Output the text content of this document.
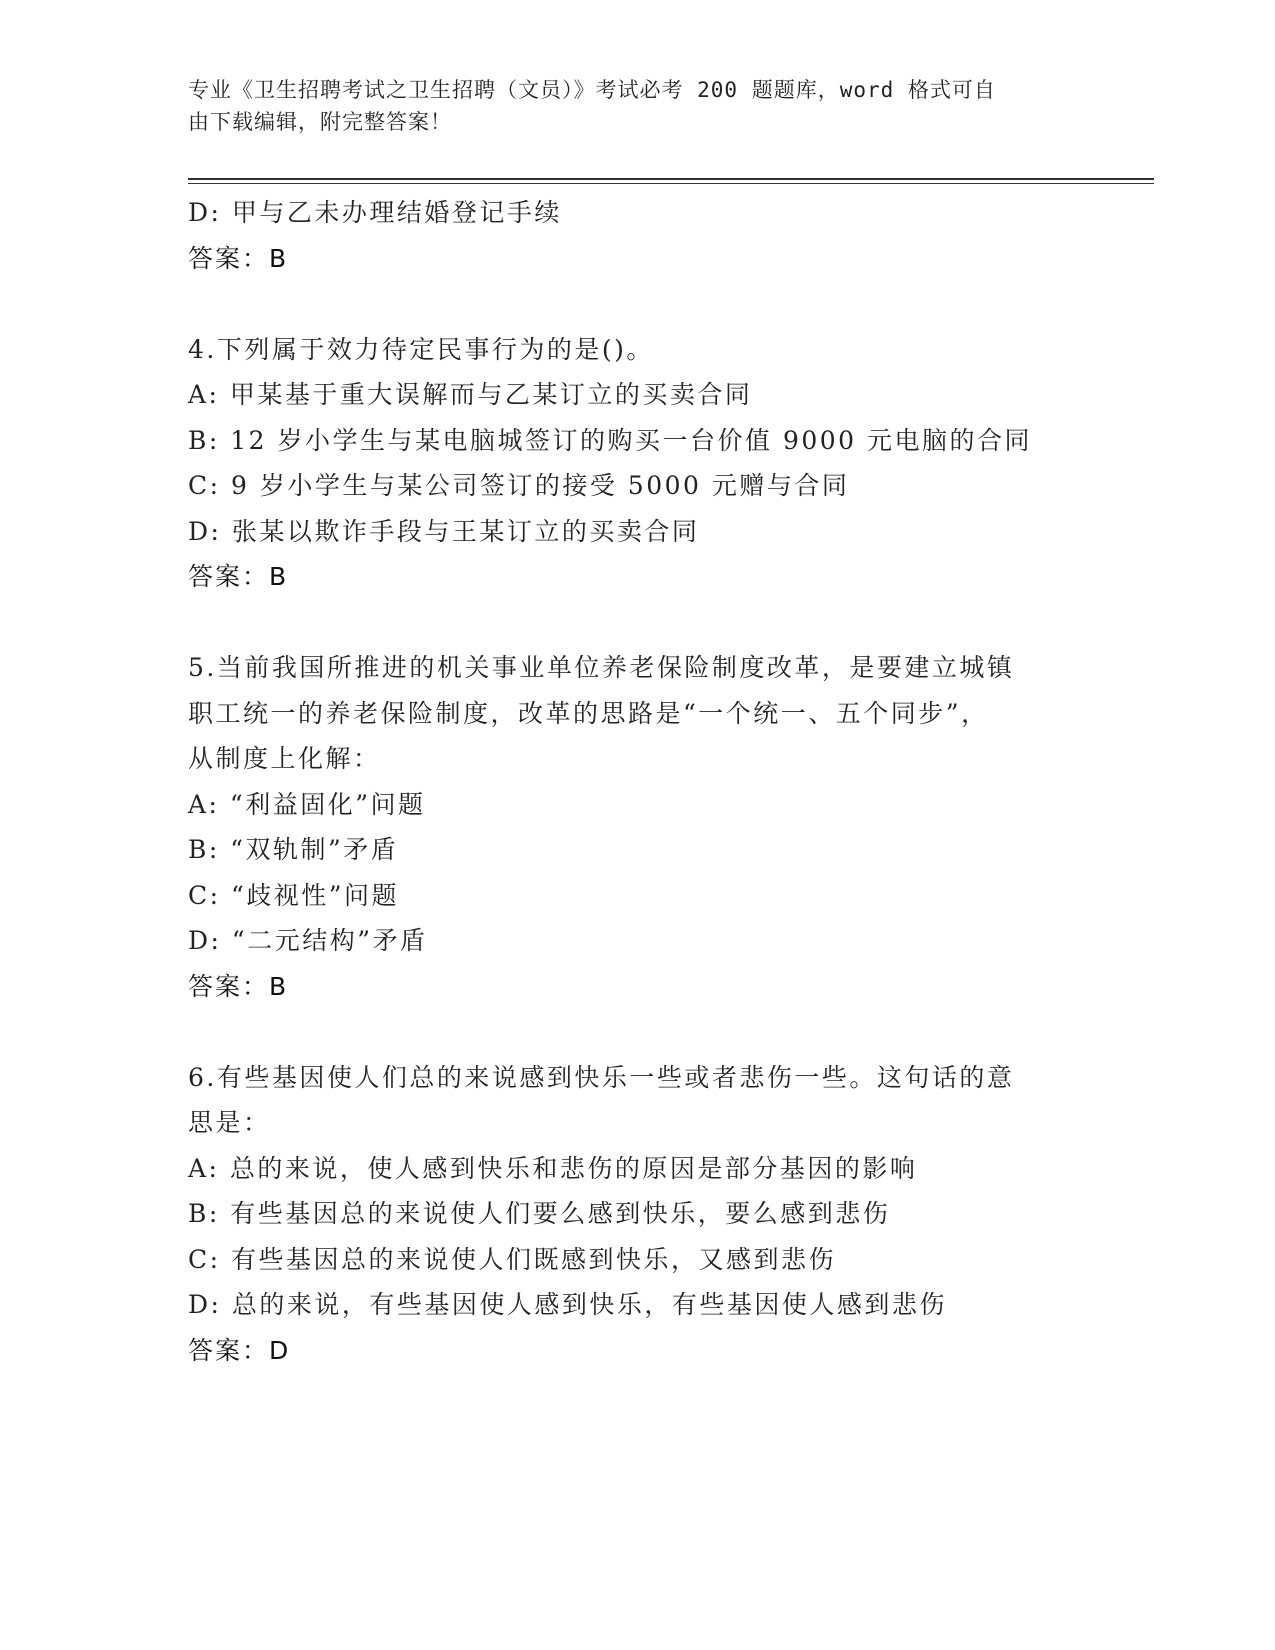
专业《卫生招聘考试之卫生招聘（文员）》考试必考 200 题题库，word 格式可自
由下载编辑，附完整答案！
D: 甲与乙未办理结婚登记手续
答案：B
4.下列属于效力待定民事行为的是()。
A: 甲某基于重大误解而与乙某订立的买卖合同
B: 12 岁小学生与某电脑城签订的购买一台价值 9000 元电脑的合同
C: 9 岁小学生与某公司签订的接受 5000 元赠与合同
D: 张某以欺诈手段与王某订立的买卖合同
答案：B
5.当前我国所推进的机关事业单位养老保险制度改革，是要建立城镇
职工统一的养老保险制度，改革的思路是“一个统一、五个同步”，
从制度上化解：
A: “利益固化”问题
B: “双轨制”矛盾
C: “歧视性”问题
D: “二元结构”矛盾
答案：B
6.有些基因使人们总的来说感到快乐一些或者悲伤一些。这句话的意
思是：
A: 总的来说，使人感到快乐和悲伤的原因是部分基因的影响
B: 有些基因总的来说使人们要么感到快乐，要么感到悲伤
C: 有些基因总的来说使人们既感到快乐，又感到悲伤
D: 总的来说，有些基因使人感到快乐，有些基因使人感到悲伤
答案：D
